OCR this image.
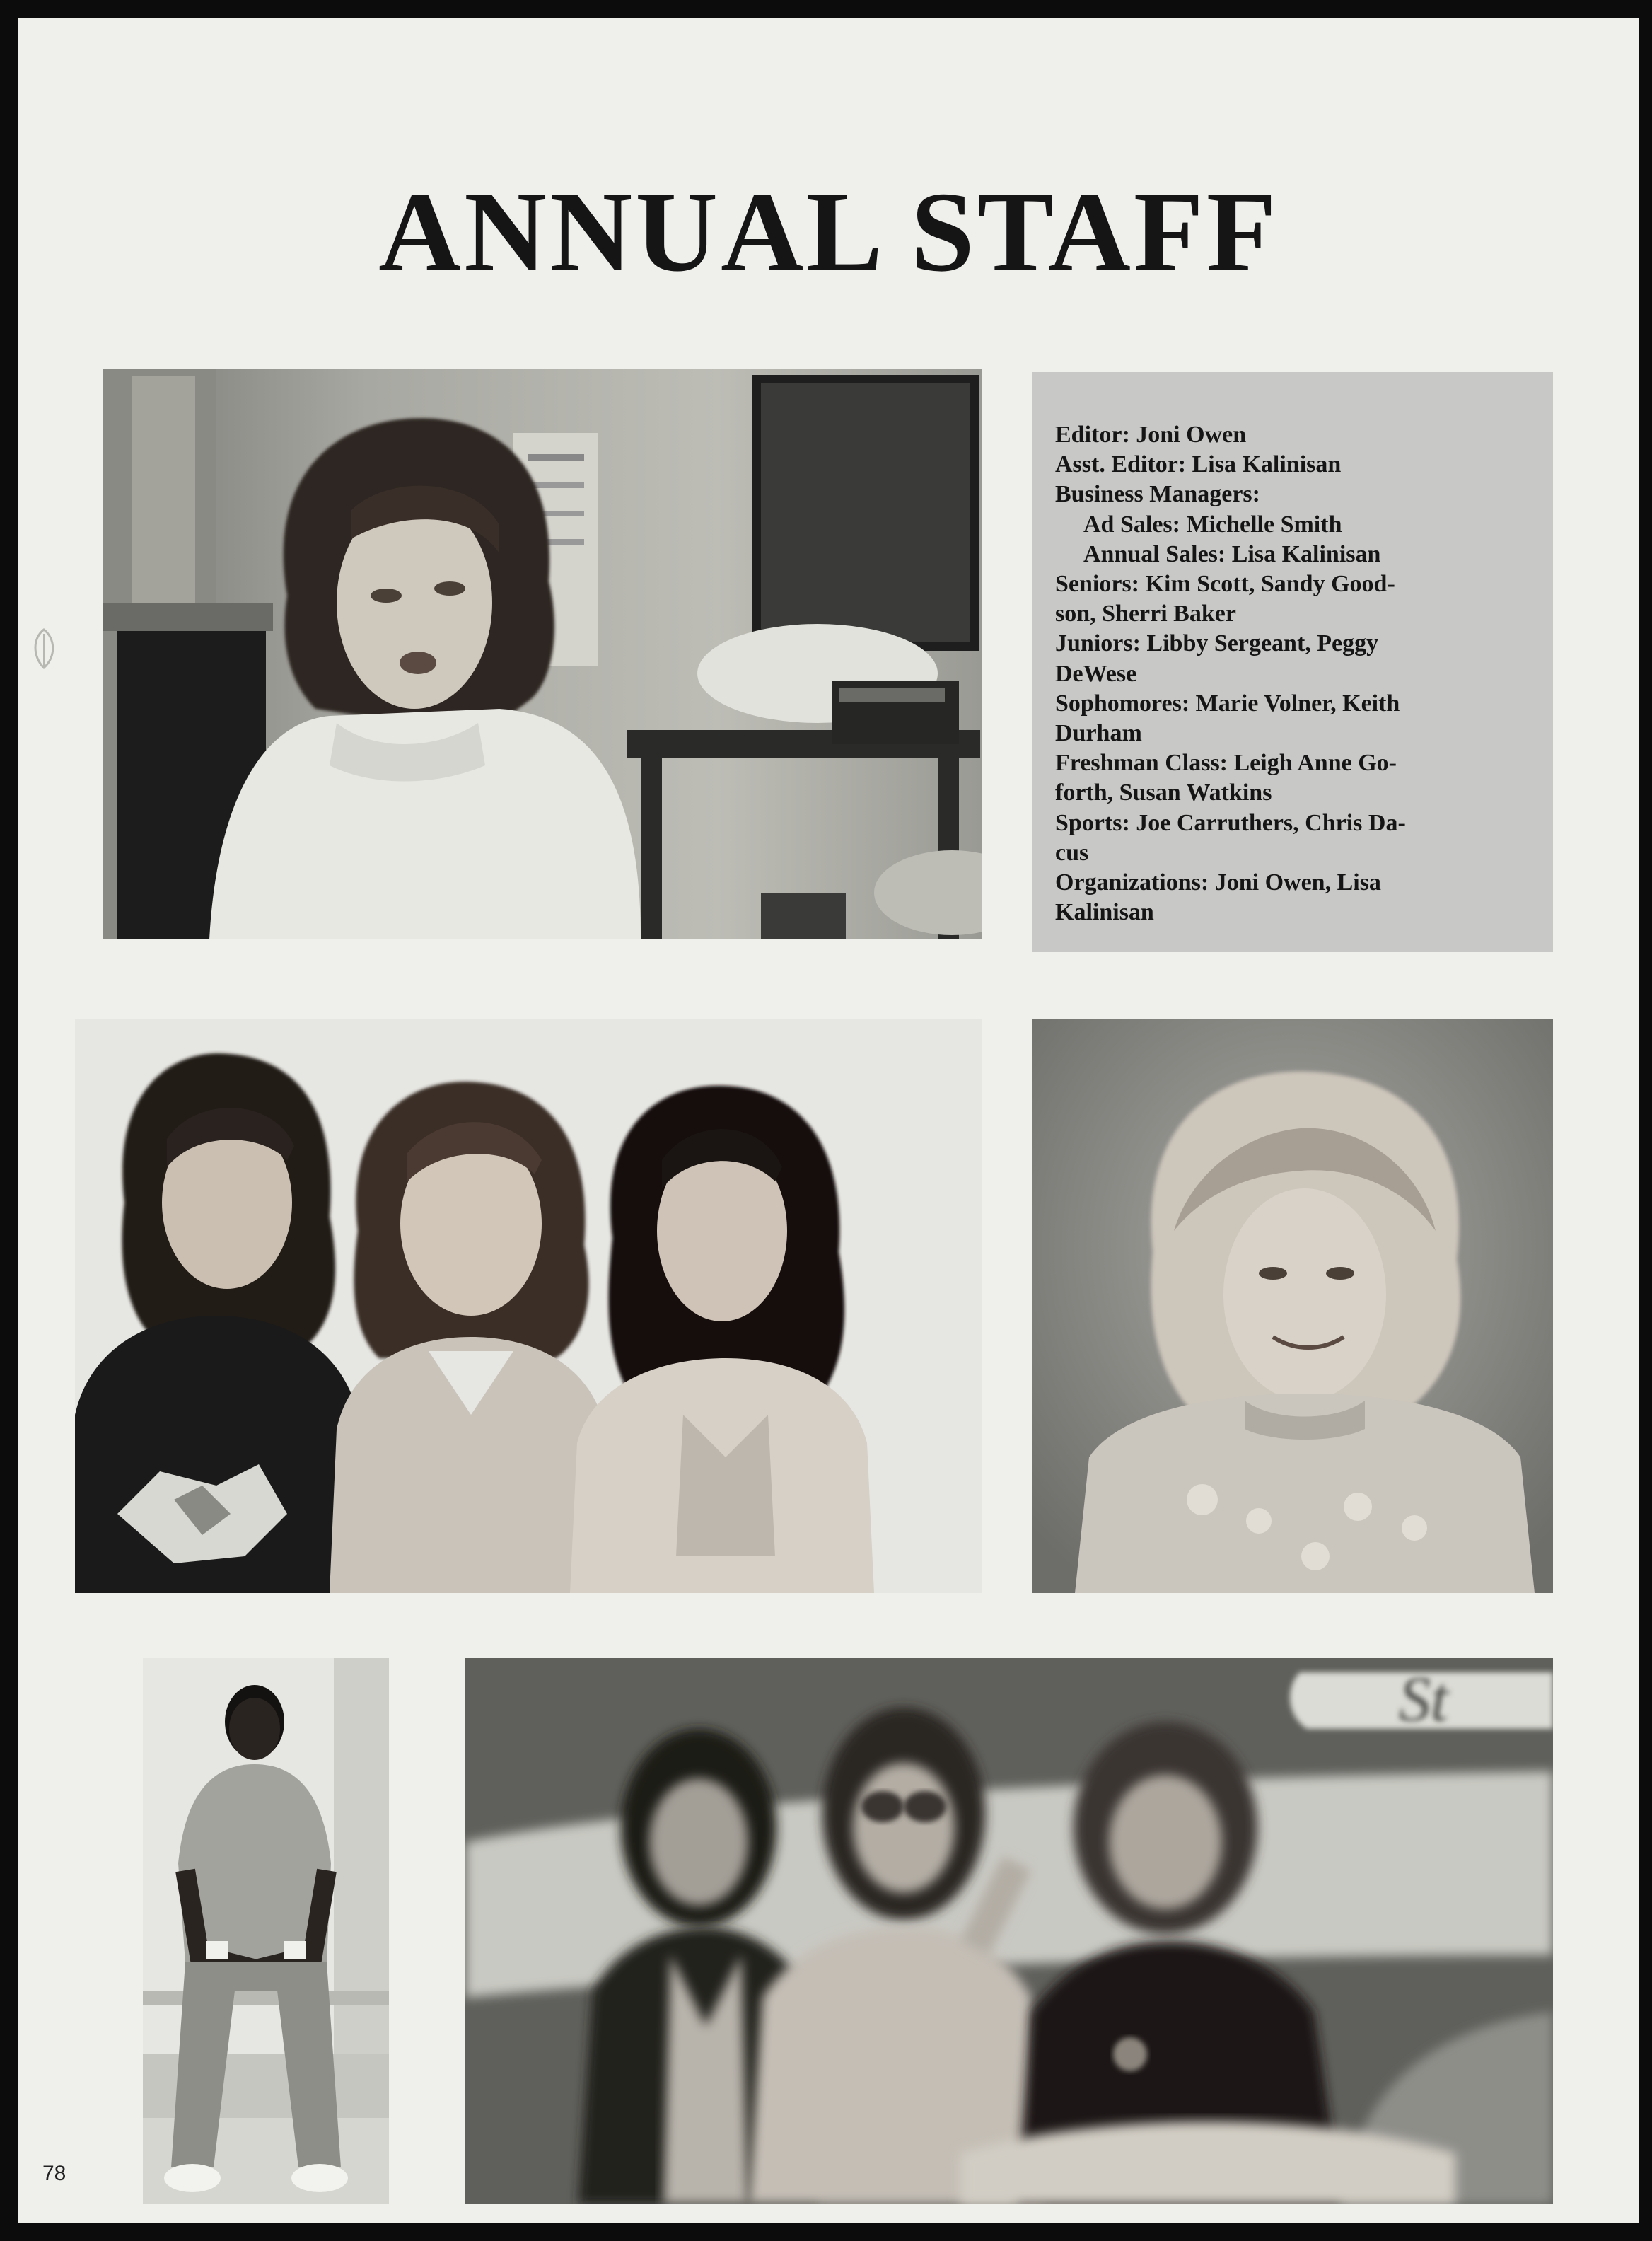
ANNUAL STAFF

Editor: Joni Owen

Asst. Editor: Lisa Kalinisan

Business Managers:

Ad Sales: Michelle Smith

Annual Sales: Lisa Kalinisan

Seniors: Kim Scott, Sandy Good-

son, Sherri Baker

Juniors: Libby Sergeant, Peggy

DeWese

Sophomores: Marie Volner, Keith

Durham

Freshman Class: Leigh Anne Go-

forth, Susan Watkins

Sports: Joe Carruthers, Chris Da-

cus

Organizations: Joni Owen, Lisa

Kalinisan

St
78
